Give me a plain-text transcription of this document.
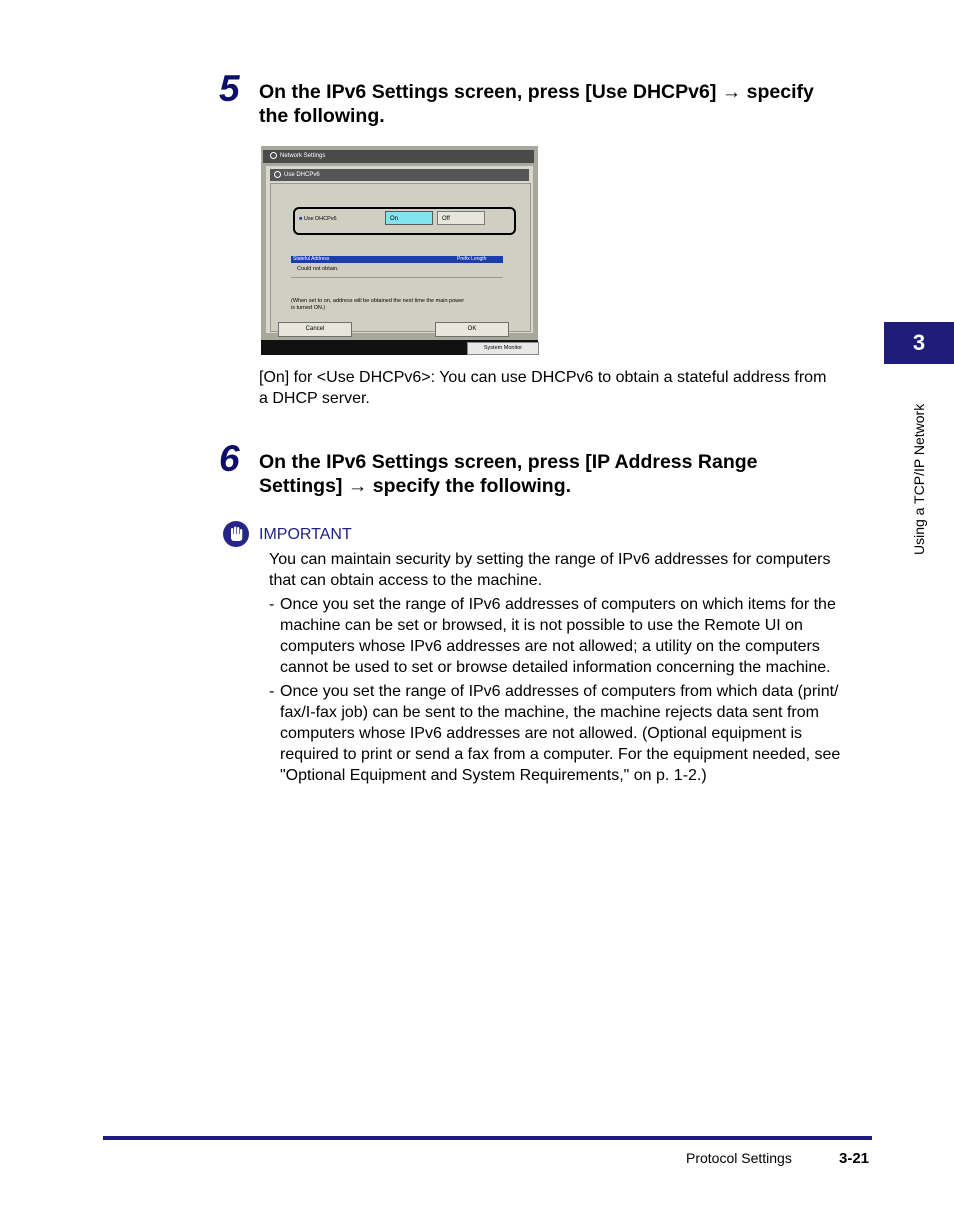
3
Using a TCP/IP Network
5 On the IPv6 Settings screen, press [Use DHCPv6] → specify
the following.
Network Settings
Use DHCPv6
■ Use DHCPv6	On	Off
Stateful Address	Prefix Length
Could not obtain.
(When set to on, address will be obtained the next time the main power
is turned ON.)
Cancel	OK
System Monitor
[On] for <Use DHCPv6>: You can use DHCPv6 to obtain a stateful address from
a DHCP server.
6 On the IPv6 Settings screen, press [IP Address Range
Settings] → specify the following.
IMPORTANT
You can maintain security by setting the range of IPv6 addresses for computers
that can obtain access to the machine.
- Once you set the range of IPv6 addresses of computers on which items for the
machine can be set or browsed, it is not possible to use the Remote UI on
computers whose IPv6 addresses are not allowed; a utility on the computers
cannot be used to set or browse detailed information concerning the machine.
- Once you set the range of IPv6 addresses of computers from which data (print/
fax/I-fax job) can be sent to the machine, the machine rejects data sent from
computers whose IPv6 addresses are not allowed. (Optional equipment is
required to print or send a fax from a computer. For the equipment needed, see
"Optional Equipment and System Requirements," on p. 1-2.)
Protocol Settings	3-21
